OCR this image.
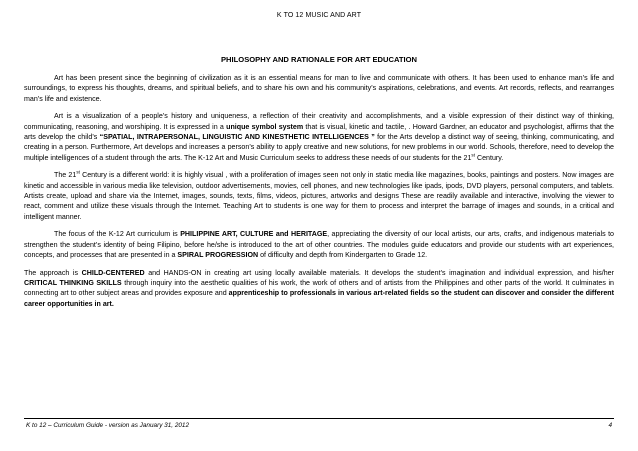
K TO 12 MUSIC AND ART
PHILOSOPHY AND RATIONALE FOR ART EDUCATION

Art has been present since the beginning of civilization as it is an essential means for man to live and communicate with others. It has been used to enhance man’s life and surroundings, to express his thoughts, dreams, and spiritual beliefs, and to share his own and his community’s aspirations, celebrations, and events. Art records, reflects, and rearranges man’s life and existence.

Art is a visualization of a people’s history and uniqueness, a reflection of their creativity and accomplishments, and a visible expression of their distinct way of thinking, communicating, reasoning, and worshiping. It is expressed in a unique symbol system that is visual, kinetic and tactile, . Howard Gardner, an educator and psychologist, affirms that the arts develop the child’s “SPATIAL, INTRAPERSONAL, LINGUISTIC AND KINESTHETIC INTELLIGENCES ” for the Arts develop a distinct way of seeing, thinking, communicating, and creating in a person. Furthermore, Art develops and increases a person’s ability to apply creative and new solutions, for new problems in our world. Schools, therefore, need to develop the multiple intelligences of a student through the arts. The K-12 Art and Music Curriculum seeks to address these needs of our students for the 21st Century.

The 21st Century is a different world: it is highly visual , with a proliferation of images seen not only in static media like magazines, books, paintings and posters. Now images are kinetic and accessible in various media like television, outdoor advertisements, movies, cell phones, and new technologies like ipads, ipods, DVD players, personal computers, and tablets. Artists create, upload and share via the Internet, images, sounds, texts, films, videos, pictures, artworks and designs These are readily available and interactive, involving the viewer to react, comment and utilize these visuals through the Internet. Teaching Art to students is one way for them to process and interpret the barrage of images and sounds, in a critical and intelligent manner.

The focus of the K-12 Art curriculum is PHILIPPINE ART, CULTURE and HERITAGE, appreciating the diversity of our local artists, our arts, crafts, and indigenous materials to strengthen the student’s identity of being Filipino, before he/she is introduced to the art of other countries. The modules guide educators and provide our students with art experiences, concepts, and processes that are presented in a SPIRAL PROGRESSION of difficulty and depth from Kindergarten to Grade 12.

The approach is CHILD-CENTERED and HANDS-ON in creating art using locally available materials. It develops the student’s imagination and individual expression, and his/her CRITICAL THINKING SKILLS through inquiry into the aesthetic qualities of his work, the work of others and of artists from the Philippines and other parts of the world. It culminates in connecting art to other subject areas and provides exposure and apprenticeship to professionals in various art-related fields so the student can discover and consider the different career opportunities in art.

K to 12 – Curriculum Guide - version as January 31, 2012	4
